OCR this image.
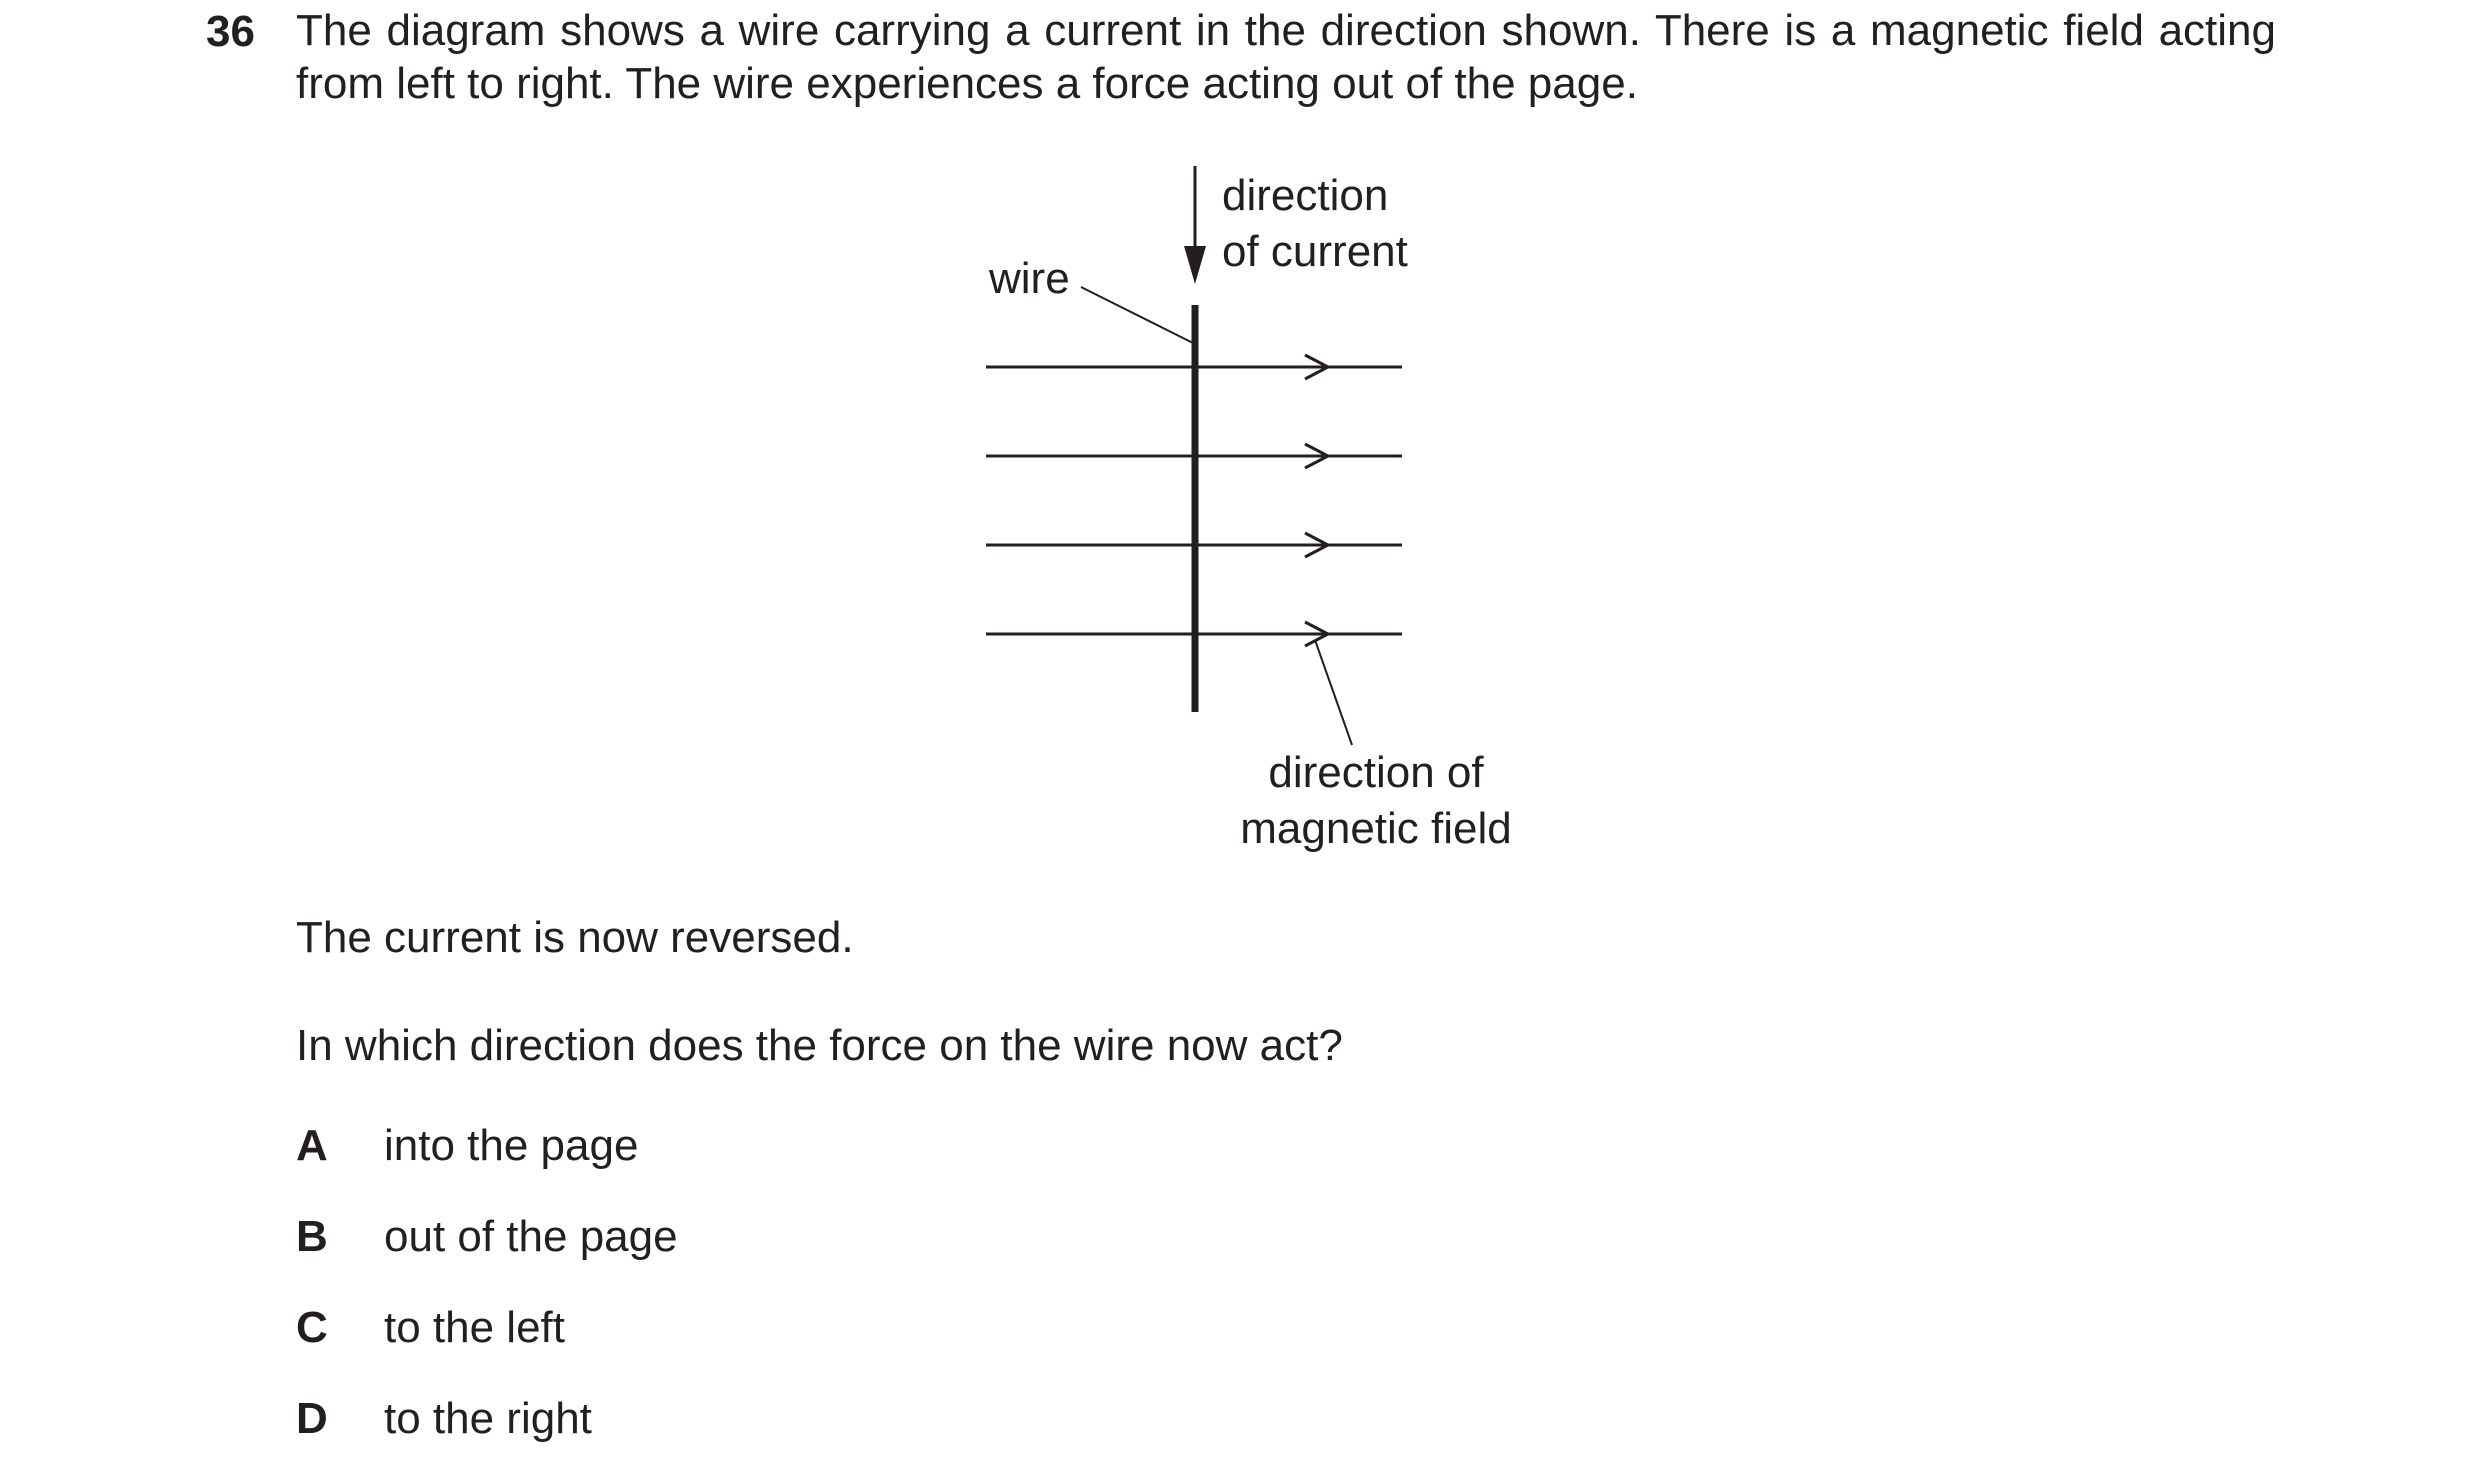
36 The diagram shows a wire carrying a current in the direction shown. There is a magnetic field acting from left to right. The wire experiences a force acting out of the page.
wire
direction
of current
direction of
magnetic field
The current is now reversed.
In which direction does the force on the wire now act?
A into the page
B out of the page
C to the left
D to the right
